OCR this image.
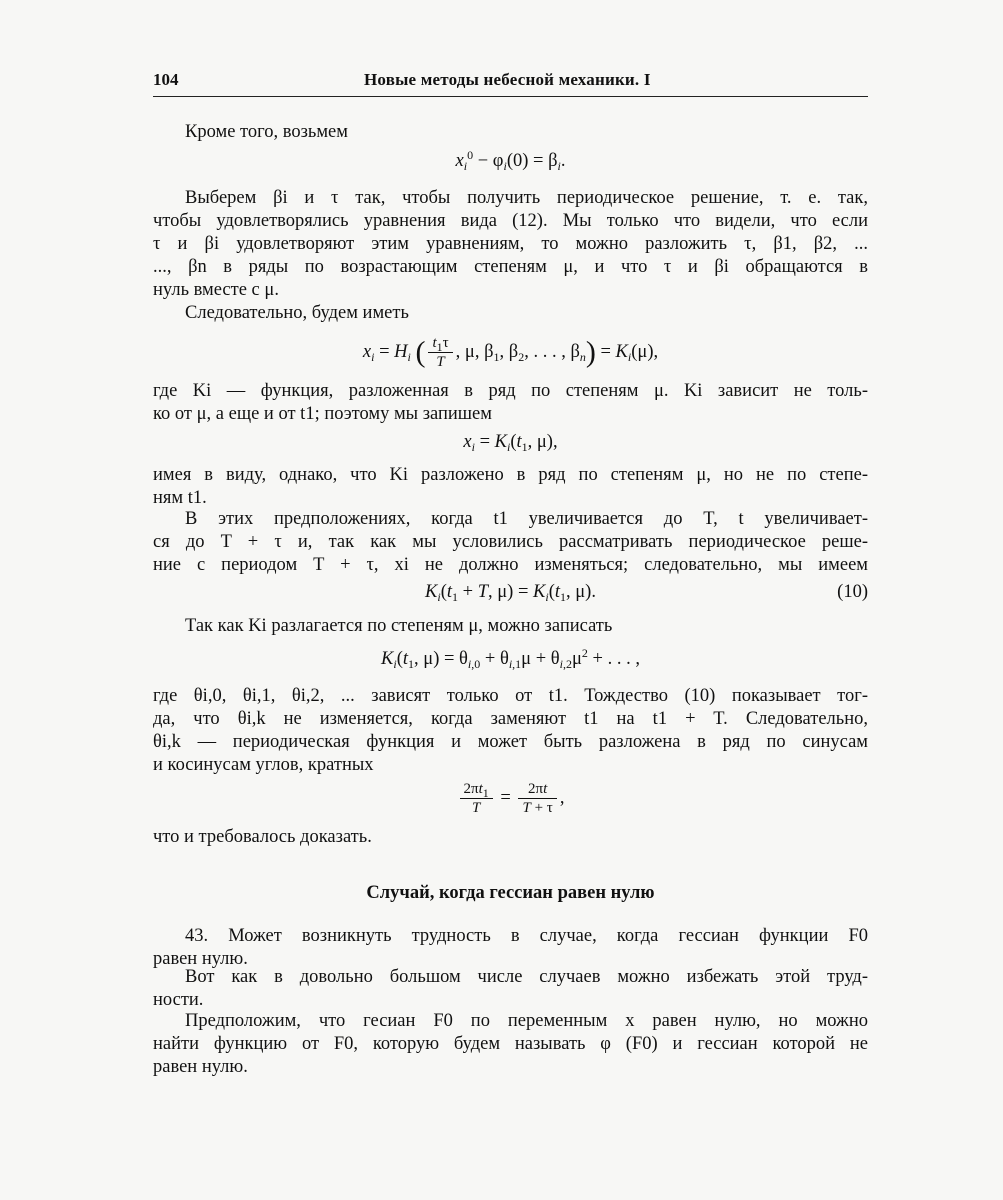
104	Новые методы небесной механики. I
Кроме того, возьмем
$x_i^0 - \varphi_i(0) = \beta_i$.
Выберем βi и τ так, чтобы получить периодическое решение, т. е. так,
чтобы удовлетворялись уравнения вида (12). Мы только что видели, что если
τ и βi удовлетворяют этим уравнениям, то можно разложить τ, β1, β2, ...
..., βn в ряды по возрастающим степеням μ, и что τ и βi обращаются в
нуль вместе с μ.
Следовательно, будем иметь
$x_i = H_i$ ( $\frac{t_1\tau}{T}$ , μ, $\beta_1$, $\beta_2$, . . . , $\beta_n) = K_i(\mu)$,
где Ki — функция, разложенная в ряд по степеням μ. Ki зависит не толь-
ко от μ, а еще и от t1; поэтому мы запишем
$x_i = K_i(t_1$, μ),
имея в виду, однако, что Ki разложено в ряд по степеням μ, но не по степе-
ням t1.
В этих предположениях, когда t1 увеличивается до T, t увеличивает-
ся до T + τ и, так как мы условились рассматривать периодическое реше-
ние с периодом T + τ, xi не должно изменяться; следовательно, мы имеем
$K_i(t_1 + T$, $\mu) = K_i(t_1$, μ).	(10)
Так как Ki разлагается по степеням μ, можно записать
$K_i(t_1$, $\mu) = \theta_{i,0} + \theta_{i,1}\mu + \theta_{i,2}\mu^2$ + . . . ,
где θi,0, θi,1, θi,2, ... зависят только от t1. Тождество (10) показывает тог-
да, что θi,k не изменяется, когда заменяют t1 на t1 + T. Следовательно,
θi,k — периодическая функция и может быть разложена в ряд по синусам
и косинусам углов, кратных
$\frac{2\pi t_1}{T} = \frac{2\pi t}{T + \tau}$ ,
что и требовалось доказать.
Случай, когда гессиан равен нулю
43. Может возникнуть трудность в случае, когда гессиан функции F0
равен нулю.
Вот как в довольно большом числе случаев можно избежать этой труд-
ности.
Предположим, что гесиан F0 по переменным x равен нулю, но можно
найти функцию от F0, которую будем называть φ (F0) и гессиан которой не
равен нулю.
